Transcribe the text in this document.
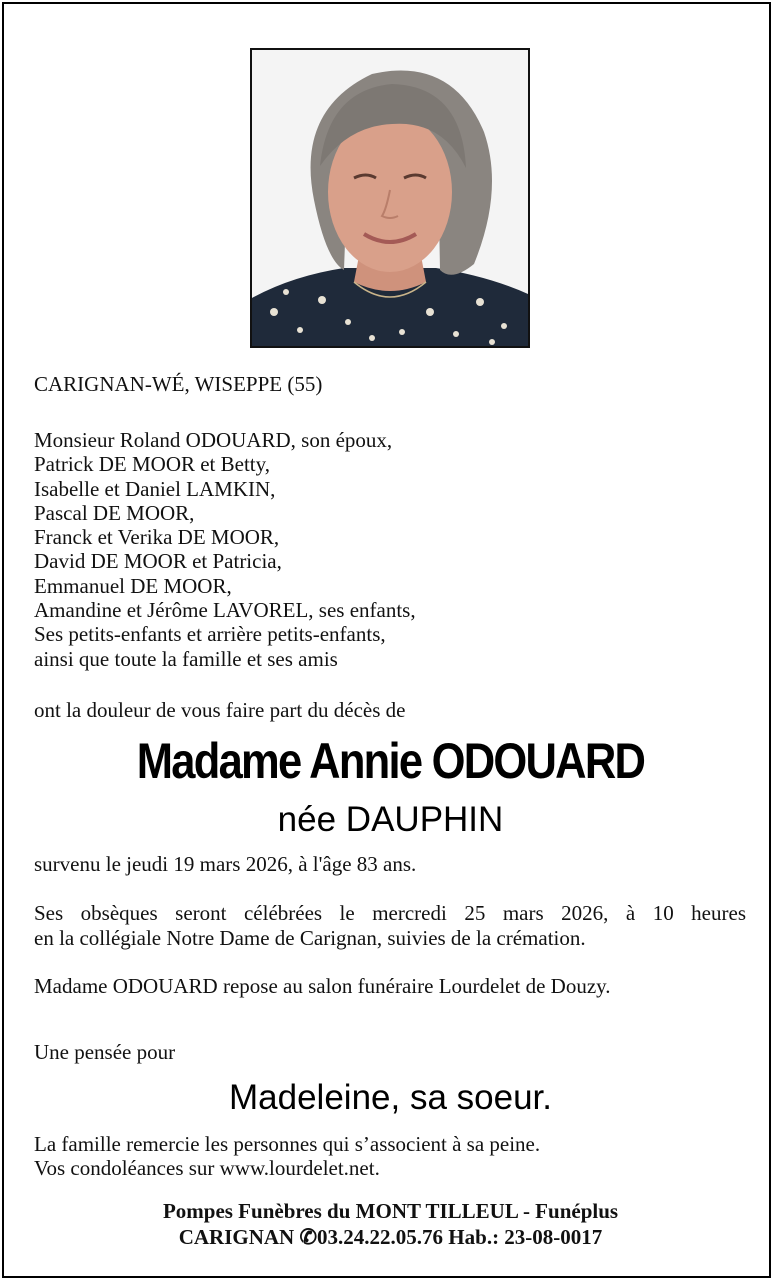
CARIGNAN-WÉ, WISEPPE (55)
Monsieur Roland ODOUARD, son époux,
Patrick DE MOOR et Betty,
Isabelle et Daniel LAMKIN,
Pascal DE MOOR,
Franck et Verika DE MOOR,
David DE MOOR et Patricia,
Emmanuel DE MOOR,
Amandine et Jérôme LAVOREL, ses enfants,
Ses petits-enfants et arrière petits-enfants,
ainsi que toute la famille et ses amis
ont la douleur de vous faire part du décès de
Madame Annie ODOUARD
née DAUPHIN
survenu le jeudi 19 mars 2026, à l'âge 83 ans.
Ses obsèques seront célébrées le mercredi 25 mars 2026, à 10 heures
en la collégiale Notre Dame de Carignan, suivies de la crémation.
Madame ODOUARD repose au salon funéraire Lourdelet de Douzy.
Une pensée pour
Madeleine, sa soeur.
La famille remercie les personnes qui s’associent à sa peine.
Vos condoléances sur www.lourdelet.net.
Pompes Funèbres du MONT TILLEUL - Funéplus
CARIGNAN ✆03.24.22.05.76 Hab.: 23-08-0017
